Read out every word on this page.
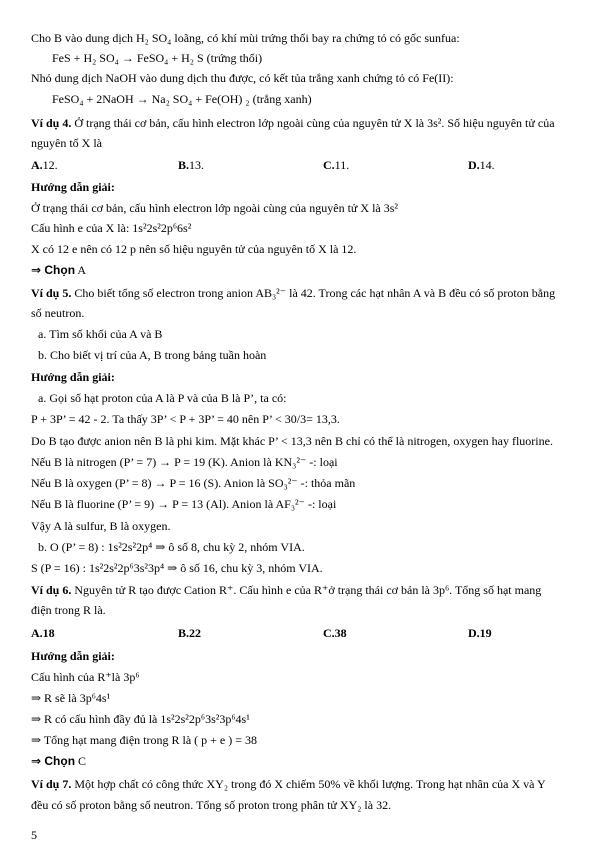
Cho B vào dung dịch H₂ SO₄ loãng, có khí mùi trứng thối bay ra chứng tỏ có gốc sunfua:
FeS + H₂ SO₄ → FeSO₄ + H₂ S (trứng thối)
Nhỏ dung dịch NaOH vào dung dịch thu được, có kết tủa trắng xanh chứng tỏ có Fe(II):
FeSO₄ + 2NaOH → Na₂ SO₄ + Fe(OH) ₂ (trắng xanh)
Ví dụ 4. Ở trạng thái cơ bản, cấu hình electron lớp ngoài cùng của nguyên tử X là 3s². Số hiệu nguyên tử của
nguyên tố X là
A. 12.	B. 13.	C. 11.	D. 14.
Hướng dẫn giải:
Ở trạng thái cơ bản, cấu hình electron lớp ngoài cùng của nguyên tử X là 3s²
Cấu hình e của X là: 1s²2s²2p⁶6s²
X có 12 e nên có 12 p nên số hiệu nguyên tử của nguyên tố X là 12.
⇒ Chọn A
Ví dụ 5. Cho biết tổng số electron trong anion AB₃²⁻ là 42. Trong các hạt nhân A và B đều có số proton bằng
số neutron.
a. Tìm số khối của A và B
b. Cho biết vị trí của A, B trong bảng tuần hoàn
Hướng dẫn giải:
a. Gọi số hạt proton của A là P và của B là P’, ta có:
P + 3P’ = 42 - 2. Ta thấy 3P’ < P + 3P’ = 40 nên P’ < 30/3= 13,3.
Do B tạo được anion nên B là phi kim. Mặt khác P’ < 13,3 nên B chỉ có thể là nitrogen, oxygen hay fluorine.
Nếu B là nitrogen (P’ = 7) → P = 19 (K). Anion là KN₃²⁻ -: loại
Nếu B là oxygen (P’ = 8) → P = 16 (S). Anion là SO₃²⁻ -: thỏa mãn
Nếu B là fluorine (P’ = 9) → P = 13 (Al). Anion là AF₃²⁻ -: loại
Vậy A là sulfur, B là oxygen.
b. O (P’ = 8) : 1s²2s²2p⁴ ⇒ ô số 8, chu kỳ 2, nhóm VIA.
S (P = 16) : 1s²2s²2p⁶3s²3p⁴ ⇒ ô số 16, chu kỳ 3, nhóm VIA.
Ví dụ 6. Nguyên tử R tạo được Cation R⁺. Cấu hình e của R⁺ở trạng thái cơ bản là 3p⁶. Tổng số hạt mang
điện trong R là.
A.18	B.22	C.38	D.19
Hướng dẫn giải:
Cấu hình của R⁺là 3p⁶
⇒ R sẽ là 3p⁶4s¹
⇒ R có cấu hình đầy đủ là 1s²2s²2p⁶3s²3p⁶4s¹
⇒ Tổng hạt mang điện trong R là ( p + e ) = 38
⇒ Chọn C
Ví dụ 7. Một hợp chất có công thức XY₂ trong đó X chiếm 50% về khối lượng. Trong hạt nhân của X và Y
đều có số proton bằng số neutron. Tổng số proton trong phân tử XY₂ là 32.
5
